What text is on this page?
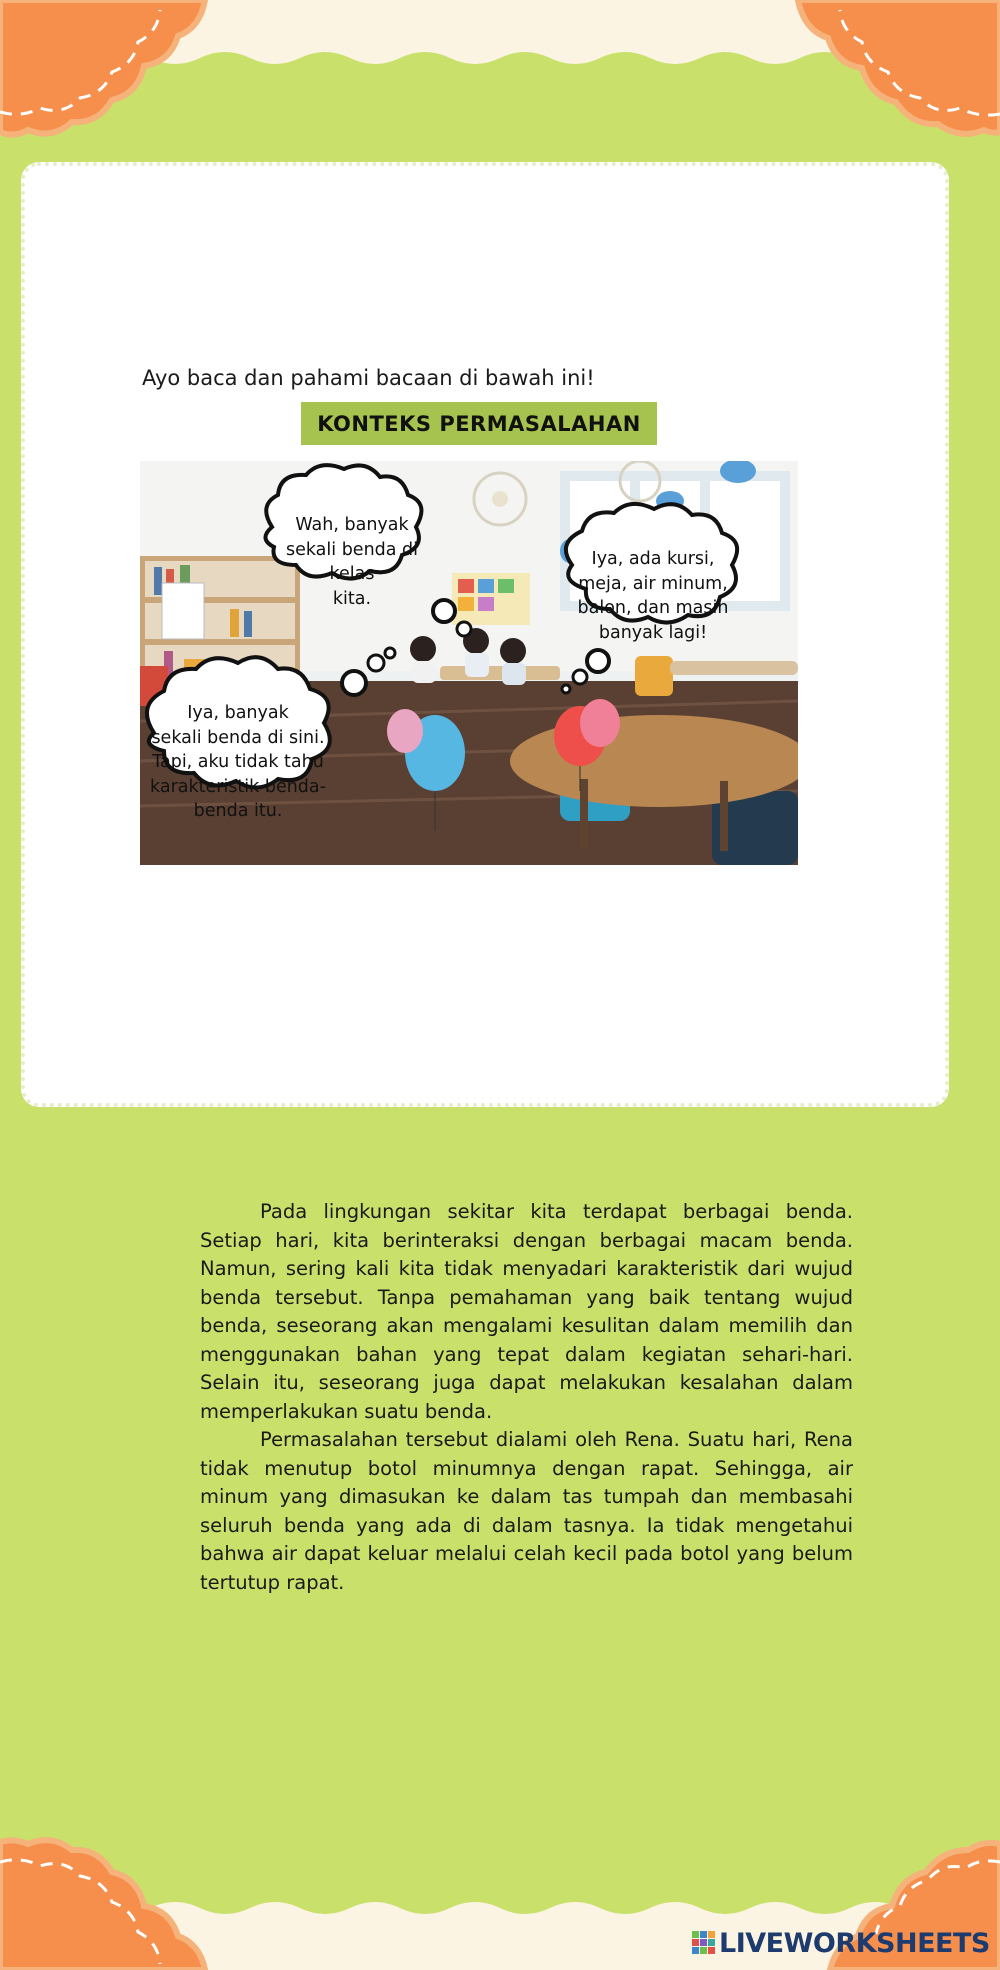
Ayo baca dan pahami bacaan di bawah ini!
KONTEKS PERMASALAHAN
Wah, banyak
sekali benda di kelas
kita.
Iya, ada kursi,
meja, air minum,
balon, dan masih
banyak lagi!
Iya, banyak
sekali benda di sini.
Tapi, aku tidak tahu
karakteristik benda-
benda itu.

Pada lingkungan sekitar kita terdapat berbagai benda. Setiap hari, kita berinteraksi dengan berbagai macam benda. Namun, sering kali kita tidak menyadari karakteristik dari wujud benda tersebut. Tanpa pemahaman yang baik tentang wujud benda, seseorang akan mengalami kesulitan dalam memilih dan menggunakan bahan yang tepat dalam kegiatan sehari-hari. Selain itu, seseorang juga dapat melakukan kesalahan dalam memperlakukan suatu benda.

Permasalahan tersebut dialami oleh Rena. Suatu hari, Rena tidak menutup botol minumnya dengan rapat. Sehingga, air minum yang dimasukan ke dalam tas tumpah dan membasahi seluruh benda yang ada di dalam tasnya. Ia tidak mengetahui bahwa air dapat keluar melalui celah kecil pada botol yang belum tertutup rapat.

LIVEWORKSHEETS
